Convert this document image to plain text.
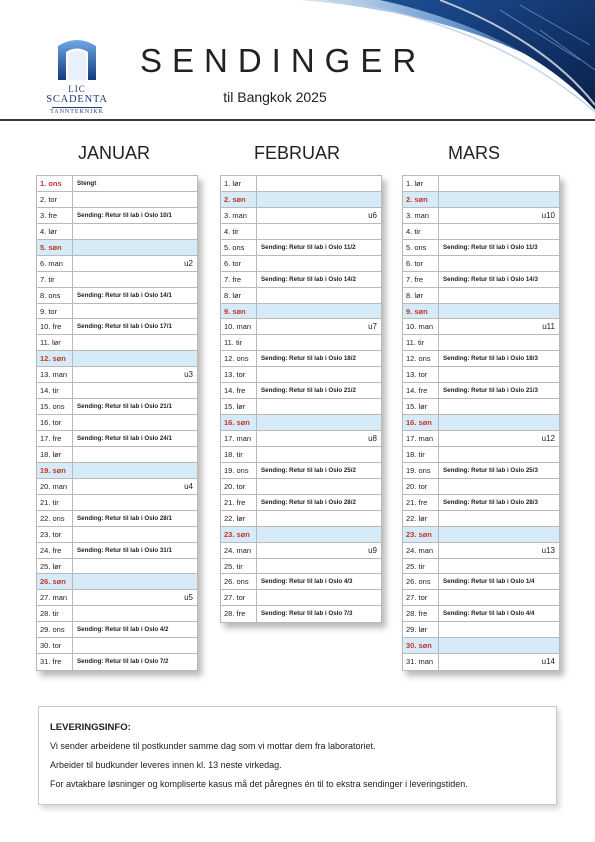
LIC
SCADENTA
TANNTEKNIKK
SENDINGER
til Bangkok 2025
JANUAR	FEBRUAR	MARS
1. ons	Stengt
2. tor
3. fre	Sending: Retur til lab i Oslo 10/1
4. lør
5. søn
6. man	u2
7. tir
8. ons	Sending: Retur til lab i Oslo 14/1
9. tor
10. fre	Sending: Retur til lab i Oslo 17/1
11. lør
12. søn
13. man	u3
14. tir
15. ons	Sending: Retur til lab i Oslo 21/1
16. tor
17. fre	Sending: Retur til lab i Oslo 24/1
18. lør
19. søn
20. man	u4
21. tir
22. ons	Sending: Retur til lab i Oslo 28/1
23. tor
24. fre	Sending: Retur til lab i Oslo 31/1
25. lør
26. søn
27. man	u5
28. tir
29. ons	Sending: Retur til lab i Oslo 4/2
30. tor
31. fre	Sending: Retur til lab i Oslo 7/2
1. lør
2. søn
3. man	u6
4. tir
5. ons	Sending: Retur til lab i Oslo 11/2
6. tor
7. fre	Sending: Retur til lab i Oslo 14/2
8. lør
9. søn
10. man	u7
11. tir
12. ons	Sending: Retur til lab i Oslo 18/2
13. tor
14. fre	Sending: Retur til lab i Oslo 21/2
15. lør
16. søn
17. man	u8
18. tir
19. ons	Sending: Retur til lab i Oslo 25/2
20. tor
21. fre	Sending: Retur til lab i Oslo 28/2
22. lør
23. søn
24. man	u9
25. tir
26. ons	Sending: Retur til lab i Oslo 4/3
27. tor
28. fre	Sending: Retur til lab i Oslo 7/3
1. lør
2. søn
3. man	u10
4. tir
5. ons	Sending: Retur til lab i Oslo 11/3
6. tor
7. fre	Sending: Retur til lab i Oslo 14/3
8. lør
9. søn
10. man	u11
11. tir
12. ons	Sending: Retur til lab i Oslo 18/3
13. tor
14. fre	Sending: Retur til lab i Oslo 21/3
15. lør
16. søn
17. man	u12
18. tir
19. ons	Sending: Retur til lab i Oslo 25/3
20. tor
21. fre	Sending: Retur til lab i Oslo 28/3
22. lør
23. søn
24. man	u13
25. tir
26. ons	Sending: Retur til lab i Oslo 1/4
27. tor
28. fre	Sending: Retur til lab i Oslo 4/4
29. lør
30. søn
31. man	u14
LEVERINGSINFO:
Vi sender arbeidene til postkunder samme dag som vi mottar dem fra laboratoriet.
Arbeider til budkunder leveres innen kl. 13 neste virkedag.
For avtakbare løsninger og kompliserte kasus må det påregnes én til to ekstra sendinger i leveringstiden.
